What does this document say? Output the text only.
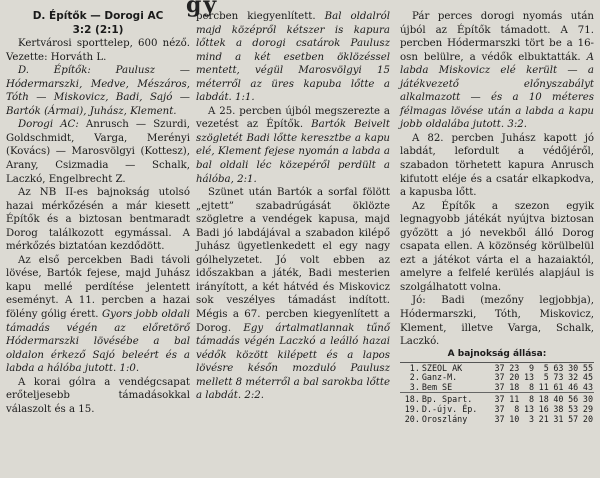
gy
D. Építők — Dorogi AC
3:2 (2:1)

Kertvárosi sporttelep, 600 néző. Vezette: Horváth L.

D. Építők: Paulusz — Hódermarszki, Medve, Mészáros, Tóth — Miskovicz, Badi, Sajó — Bartók (Ármai), Juhász, Klement.

Dorogi AC: Anrusch — Szurdi, Goldschmidt, Varga, Merényi (Kovács) — Marosvölgyi (Kottesz), Arany, Csizmadia — Schalk, Laczkó, Engelbrecht Z.

Az NB II-es bajnokság utolsó hazai mérkőzésén a már kiesett Építők és a biztosan bentmaradt Dorog találkozott egymással. A mérkőzés biztatóan kezdődött.

Az első percekben Badi távoli lövése, Bartók fejese, majd Juhász kapu mellé perdítése jelentett eseményt. A 11. percben a hazai fölény gólig érett. Gyors jobb oldali támadás végén az előretörő Hódermarszki lövésébe a bal oldalon érkező Sajó beleért és a labda a hálóba jutott. 1:0.

A korai gólra a vendégcsapat erőteljesebb támadásokkal válaszolt és a 15.

percben kiegyenlített. Bal oldalról majd középről kétszer is kapura lőttek a dorogi csatárok Paulusz mind a két esetben öklözéssel mentett, végül Marosvölgyi 15 méterről az üres kapuba lőtte a labdát. 1:1.

A 25. percben újból megszerezte a vezetést az Építők. Bartók Beivelt szögletét Badi lőtte keresztbe a kapu elé, Klement fejese nyomán a labda a bal oldali léc közepéről perdült a hálóba, 2:1.

Szünet után Bartók a sorfal fölött „ejtett” szabadrúgását öklözte szögletre a vendégek kapusa, majd Badi jó labdájával a szabadon kilépő Juhász ügyetlenkedett el egy nagy gólhelyzetet. Jó volt ebben az időszakban a játék, Badi mesterien irányított, a két hátvéd és Miskovicz sok veszélyes támadást indított. Mégis a 67. percben kiegyenlített a Dorog. Egy ártalmatlannak tűnő támadás végén Laczkó a leálló hazai védők között kilépett és a lapos lövésre későn mozduló Paulusz mellett 8 méterről a bal sarokba lőtte a labdát. 2:2.

Pár perces dorogi nyomás után újból az Építők támadott. A 71. percben Hódermarszki tört be a 16-osn belülre, a védők elbuktatták. A labda Miskovicz elé került — a játékvezető előnyszabályt alkalmazott — és a 10 méteres félmagas lövése után a labda a kapu jobb oldalába jutott. 3:2.

A 82. percben Juhász kapott jó labdát, lefordult a védőjéről, szabadon törhetett kapura Anrusch kifutott eléje és a csatár elkapkodva, a kapusba lőtt.

Az Építők a szezon egyik legnagyobb játékát nyújtva biztosan győzött a jó nevekből álló Dorog csapata ellen. A közönség körülbelül ezt a játékot várta el a hazaiaktól, amelyre a felfelé kerülés alapjául is szolgálhatott volna.

Jó: Badi (mezőny legjobbja), Hódermarszki, Tóth, Miskovicz, Klement, illetve Varga, Schalk, Laczkó.

A bajnokság állása:
1.	SZEOL AK	37	23	9	5	63	30	55
2.	Ganz-M.	37	20	13	5	73	32	45
3.	Bem SE	37	18	8	11	61	46	43

18.	Bp. Spart.	37	11	8	18	40	56	30
19.	D.-újv. Ép.	37	8	13	16	38	53	29
20.	Oroszlány	37	10	3	21	31	57	20
